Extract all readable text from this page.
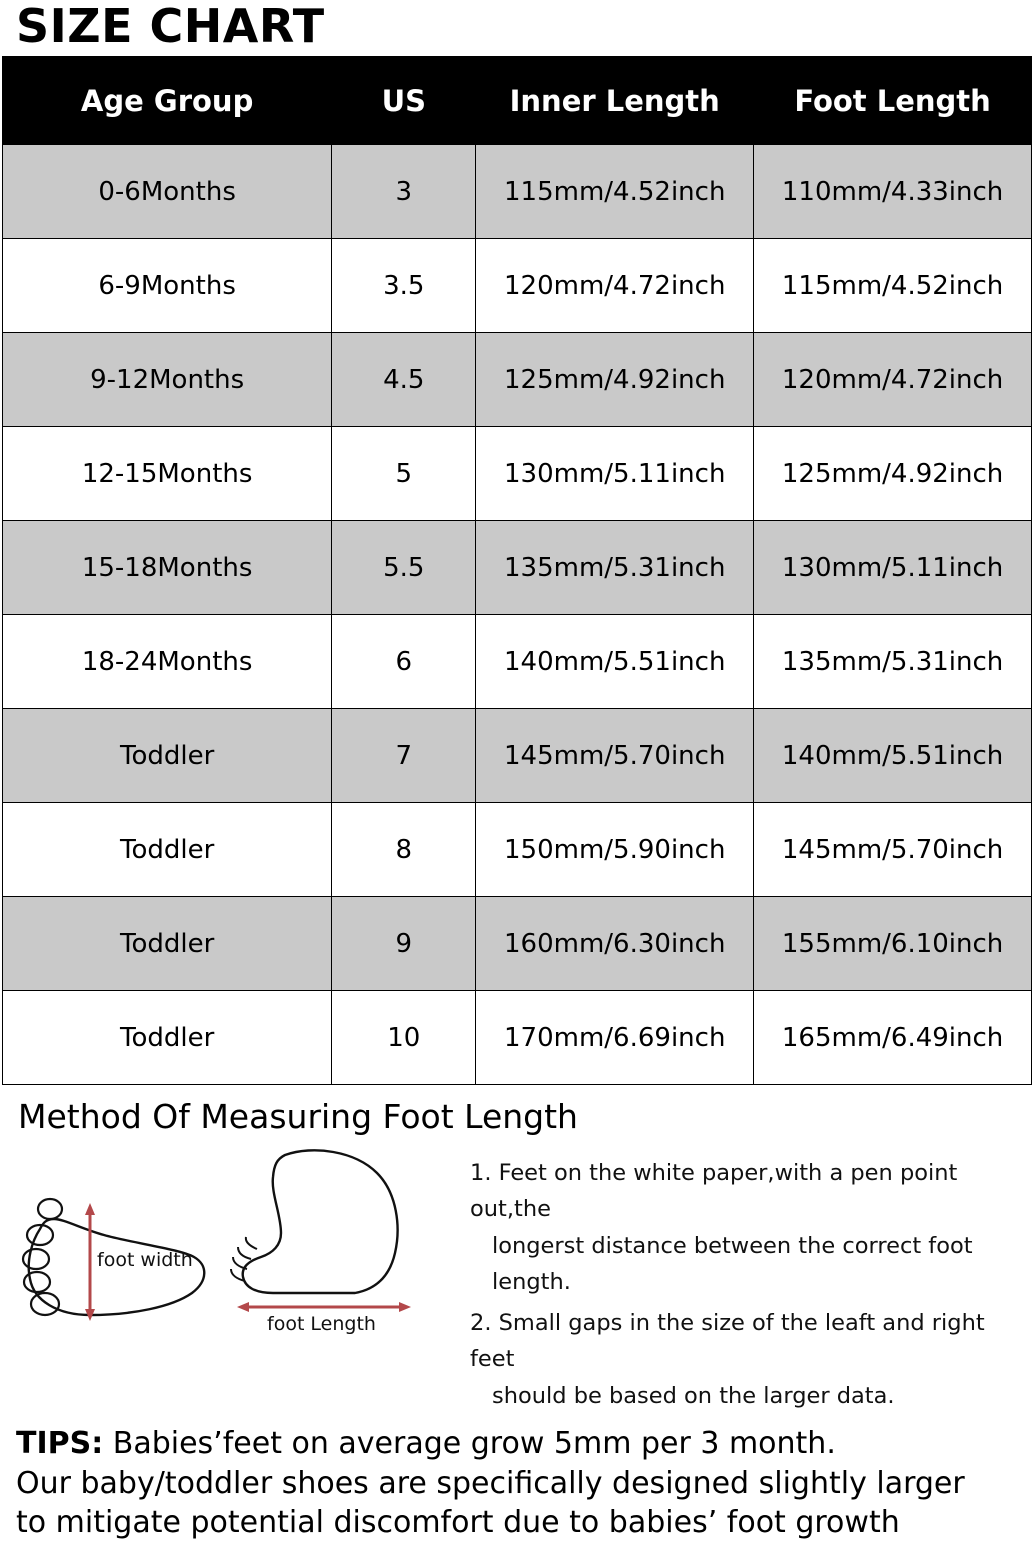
SIZE CHART
Age Group	US	Inner Length	Foot Length
0-6Months	3	115mm/4.52inch	110mm/4.33inch
6-9Months	3.5	120mm/4.72inch	115mm/4.52inch
9-12Months	4.5	125mm/4.92inch	120mm/4.72inch
12-15Months	5	130mm/5.11inch	125mm/4.92inch
15-18Months	5.5	135mm/5.31inch	130mm/5.11inch
18-24Months	6	140mm/5.51inch	135mm/5.31inch
Toddler	7	145mm/5.70inch	140mm/5.51inch
Toddler	8	150mm/5.90inch	145mm/5.70inch
Toddler	9	160mm/6.30inch	155mm/6.10inch
Toddler	10	170mm/6.69inch	165mm/6.49inch
Method Of Measuring Foot Length
foot width
foot Length
1. Feet on the white paper,with a pen point out,the
longerst distance between the correct foot length.
2. Small gaps in the size of the leaft and right feet
should be based on the larger data.
TIPS: Babies’feet on average grow 5mm per 3 month.
Our baby/toddler shoes are specifically designed slightly larger
to mitigate potential discomfort due to babies’ foot growth
